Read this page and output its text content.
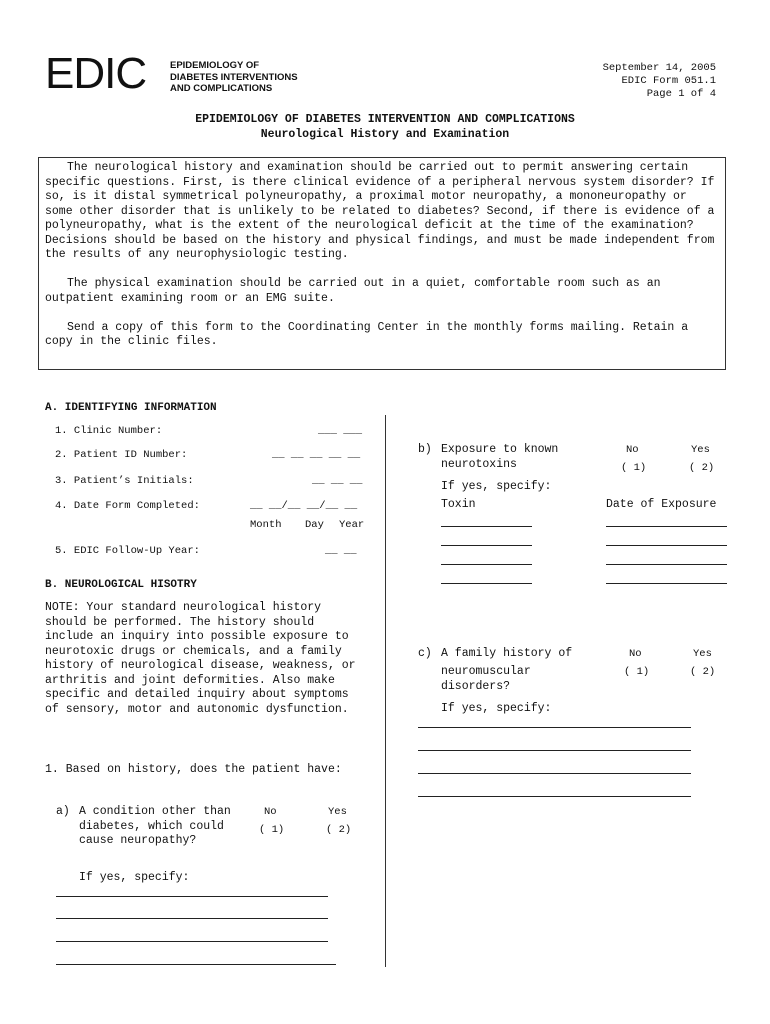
EDIC	EPIDEMIOLOGY OF
DIABETES INTERVENTIONS
AND COMPLICATIONS
September 14, 2005
EDIC Form 051.1
Page 1 of 4
EPIDEMIOLOGY OF DIABETES INTERVENTION AND COMPLICATIONS
Neurological History and Examination

The neurological history and examination should be carried out to permit answering certain specific questions. First, is there clinical evidence of a peripheral nervous system disorder? If so, is it distal symmetrical polyneuropathy, a proximal motor neuropathy, a mononeuropathy or some other disorder that is unlikely to be related to diabetes? Second, if there is evidence of a polyneuropathy, what is the extent of the neurological deficit at the time of the examination? Decisions should be based on the history and physical findings, and must be made independent from the results of any neurophysiologic testing.

The physical examination should be carried out in a quiet, comfortable room such as an outpatient examining room or an EMG suite.

Send a copy of this form to the Coordinating Center in the monthly forms mailing. Retain a copy in the clinic files.

A. IDENTIFYING INFORMATION
1. Clinic Number:	___ ___
2. Patient ID Number:	__ __ __ __ __
3. Patient’s Initials:	__ __ __
4. Date Form Completed:	__ __/__ __/__ __
Month Day Year
5. EDIC Follow-Up Year:	__ __
B. NEUROLOGICAL HISOTRY
NOTE: Your standard neurological history should be performed. The history should include an inquiry into possible exposure to neurotoxic drugs or chemicals, and a family history of neurological disease, weakness, or arthritis and joint deformities. Also make specific and detailed inquiry about symptoms of sensory, motor and autonomic dysfunction.
1. Based on history, does the patient have:
a) A condition other than diabetes, which could cause neuropathy?
No	Yes
( 1)	( 2)
If yes, specify:
b) Exposure to known neurotoxins
No	Yes
( 1)	( 2)
If yes, specify:
Toxin	Date of Exposure
c) A family history of
neuromuscular disorders?
No	Yes
( 1)	( 2)
If yes, specify:
